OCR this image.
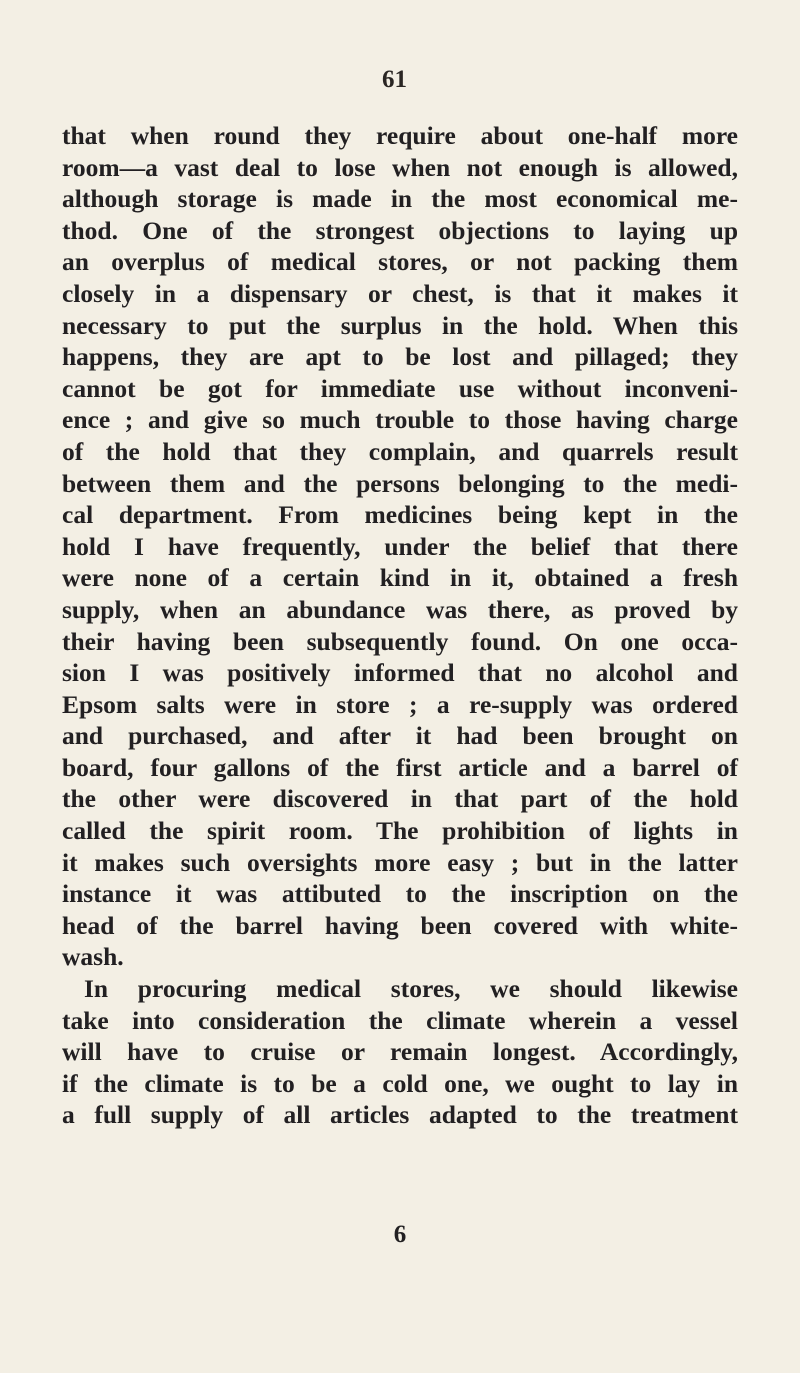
61
that when round they require about one-half more
room—a vast deal to lose when not enough is allowed,
although storage is made in the most economical me-
thod. One of the strongest objections to laying up
an overplus of medical stores, or not packing them
closely in a dispensary or chest, is that it makes it
necessary to put the surplus in the hold. When this
happens, they are apt to be lost and pillaged; they
cannot be got for immediate use without inconveni-
ence ; and give so much trouble to those having charge
of the hold that they complain, and quarrels result
between them and the persons belonging to the medi-
cal department. From medicines being kept in the
hold I have frequently, under the belief that there
were none of a certain kind in it, obtained a fresh
supply, when an abundance was there, as proved by
their having been subsequently found. On one occa-
sion I was positively informed that no alcohol and
Epsom salts were in store ; a re-supply was ordered
and purchased, and after it had been brought on
board, four gallons of the first article and a barrel of
the other were discovered in that part of the hold
called the spirit room. The prohibition of lights in
it makes such oversights more easy ; but in the latter
instance it was attibuted to the inscription on the
head of the barrel having been covered with white-
wash.
In procuring medical stores, we should likewise
take into consideration the climate wherein a vessel
will have to cruise or remain longest. Accordingly,
if the climate is to be a cold one, we ought to lay in
a full supply of all articles adapted to the treatment
6
